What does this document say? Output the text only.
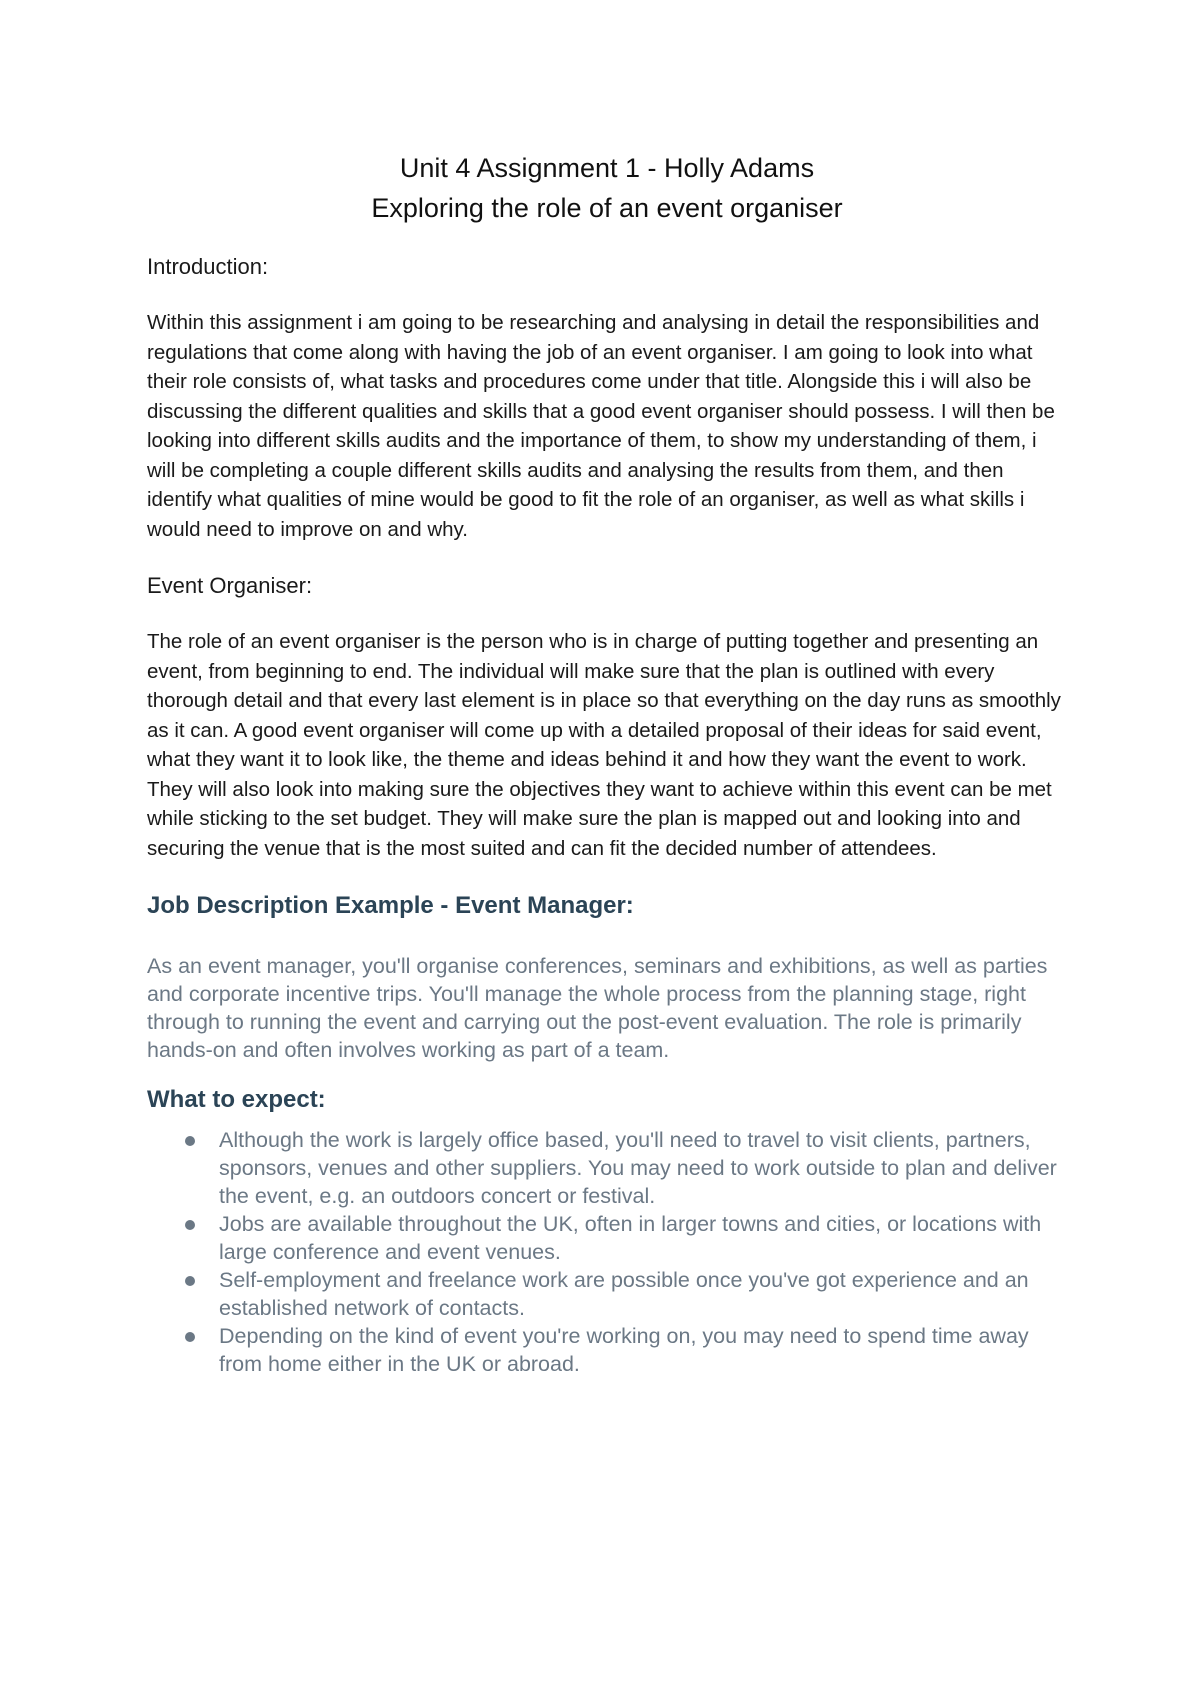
Unit 4 Assignment 1 - Holly Adams
Exploring the role of an event organiser
Introduction:

Within this assignment i am going to be researching and analysing in detail the responsibilities and regulations that come along with having the job of an event organiser. I am going to look into what their role consists of, what tasks and procedures come under that title. Alongside this i will also be discussing the different qualities and skills that a good event organiser should possess. I will then be looking into different skills audits and the importance of them, to show my understanding of them, i will be completing a couple different skills audits and analysing the results from them, and then identify what qualities of mine would be good to fit the role of an organiser, as well as what skills i would need to improve on and why.

Event Organiser:

The role of an event organiser is the person who is in charge of putting together and presenting an event, from beginning to end. The individual will make sure that the plan is outlined with every thorough detail and that every last element is in place so that everything on the day runs as smoothly as it can. A good event organiser will come up with a detailed proposal of their ideas for said event, what they want it to look like, the theme and ideas behind it and how they want the event to work. They will also look into making sure the objectives they want to achieve within this event can be met while sticking to the set budget. They will make sure the plan is mapped out and looking into and securing the venue that is the most suited and can fit the decided number of attendees.

Job Description Example - Event Manager:

As an event manager, you'll organise conferences, seminars and exhibitions, as well as parties and corporate incentive trips. You'll manage the whole process from the planning stage, right through to running the event and carrying out the post-event evaluation. The role is primarily hands-on and often involves working as part of a team.

What to expect:
Although the work is largely office based, you'll need to travel to visit clients, partners, sponsors, venues and other suppliers. You may need to work outside to plan and deliver the event, e.g. an outdoors concert or festival.
Jobs are available throughout the UK, often in larger towns and cities, or locations with large conference and event venues.
Self-employment and freelance work are possible once you've got experience and an established network of contacts.
Depending on the kind of event you're working on, you may need to spend time away from home either in the UK or abroad.
